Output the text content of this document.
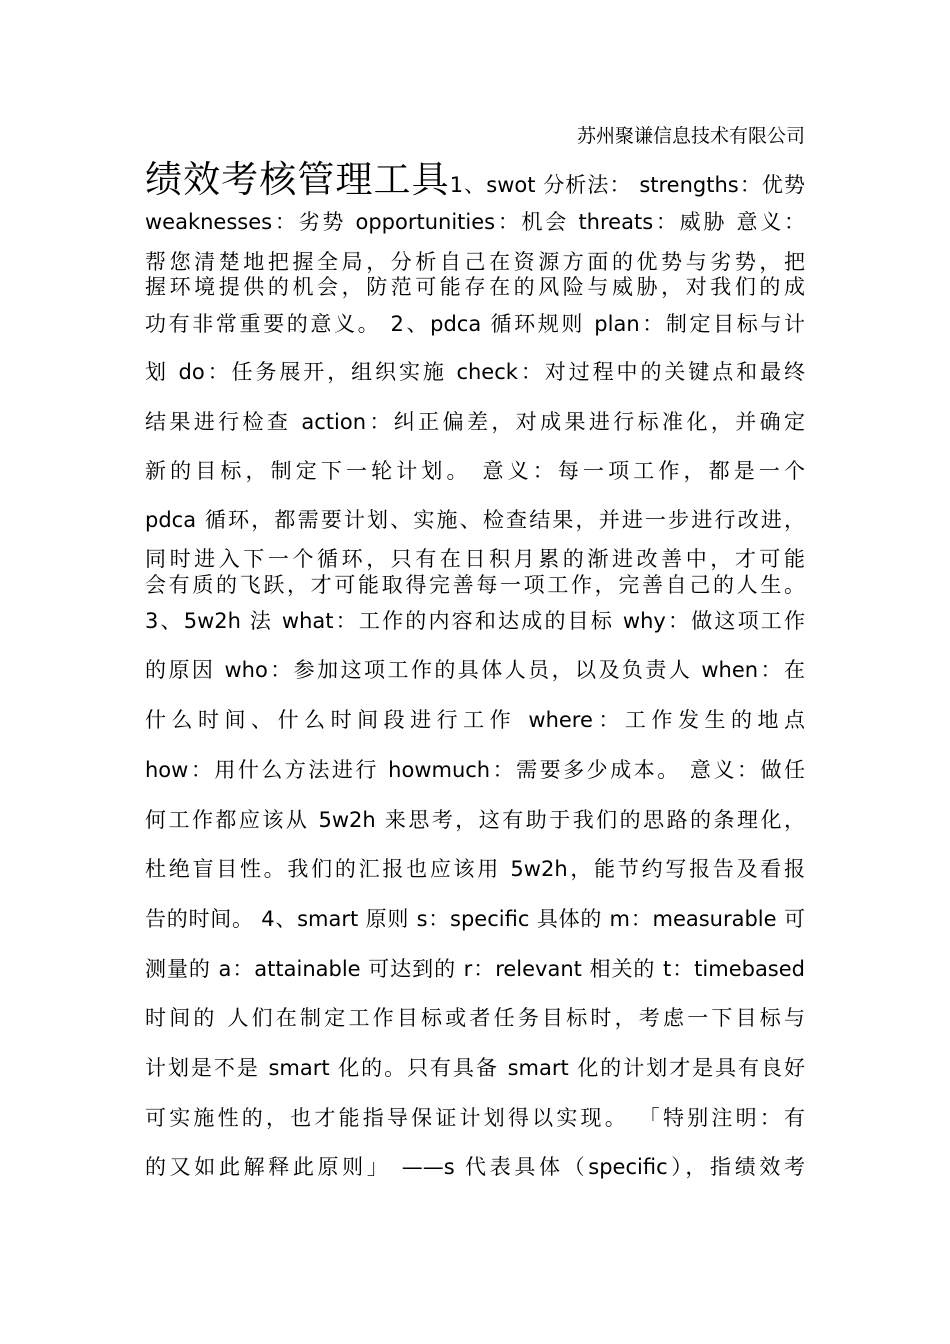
苏州聚谦信息技术有限公司
绩效考核管理工具1、swot 分析法： strengths：优势
weaknesses：劣势 opportunities：机会 threats：威胁 意义：
帮您清楚地把握全局，分析自己在资源方面的优势与劣势，把
握环境提供的机会，防范可能存在的风险与威胁，对我们的成
功有非常重要的意义。 2、pdca 循环规则 plan：制定目标与计
划 do：任务展开，组织实施 check：对过程中的关键点和最终
结果进行检查 action：纠正偏差，对成果进行标准化，并确定
新的目标，制定下一轮计划。 意义：每一项工作，都是一个
pdca 循环，都需要计划、实施、检查结果，并进一步进行改进，
同时进入下一个循环，只有在日积月累的渐进改善中，才可能
会有质的飞跃，才可能取得完善每一项工作，完善自己的人生。
3、5w2h 法 what：工作的内容和达成的目标 why：做这项工作
的原因 who：参加这项工作的具体人员，以及负责人 when：在
什么时间、什么时间段进行工作 where：工作发生的地点
how：用什么方法进行 howmuch：需要多少成本。 意义：做任
何工作都应该从 5w2h 来思考，这有助于我们的思路的条理化，
杜绝盲目性。我们的汇报也应该用 5w2h，能节约写报告及看报
告的时间。 4、smart 原则 s：specific 具体的 m：measurable 可
测量的 a：attainable 可达到的 r：relevant 相关的 t：timebased
时间的 人们在制定工作目标或者任务目标时，考虑一下目标与
计划是不是 smart 化的。只有具备 smart 化的计划才是具有良好
可实施性的，也才能指导保证计划得以实现。 「特别注明：有
的又如此解释此原则」 ——s 代表具体（specific），指绩效考
